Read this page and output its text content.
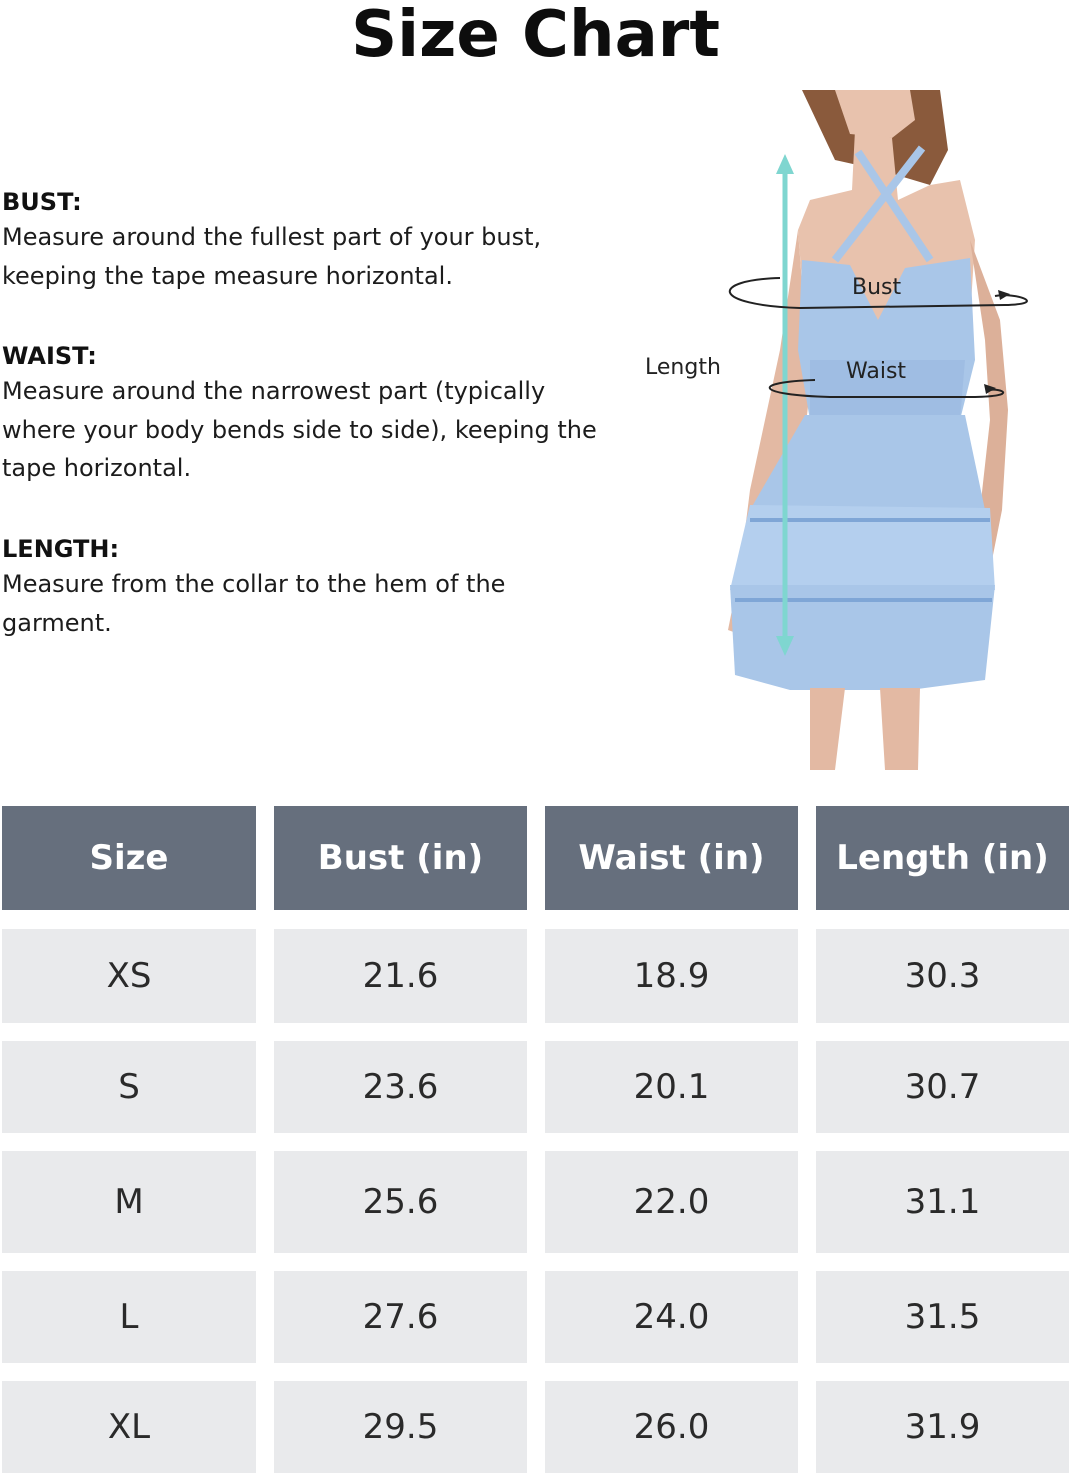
Size Chart
BUST:
Measure around the fullest part of your bust,
keeping the tape measure horizontal.
WAIST:
Measure around the narrowest part (typically
where your body bends side to side), keeping the
tape horizontal.
LENGTH:
Measure from the collar to the hem of the
garment.
Length
Bust
Waist
Size	Bust (in)	Waist (in)	Length (in)
XS	21.6	18.9	30.3
S	23.6	20.1	30.7
M	25.6	22.0	31.1
L	27.6	24.0	31.5
XL	29.5	26.0	31.9
